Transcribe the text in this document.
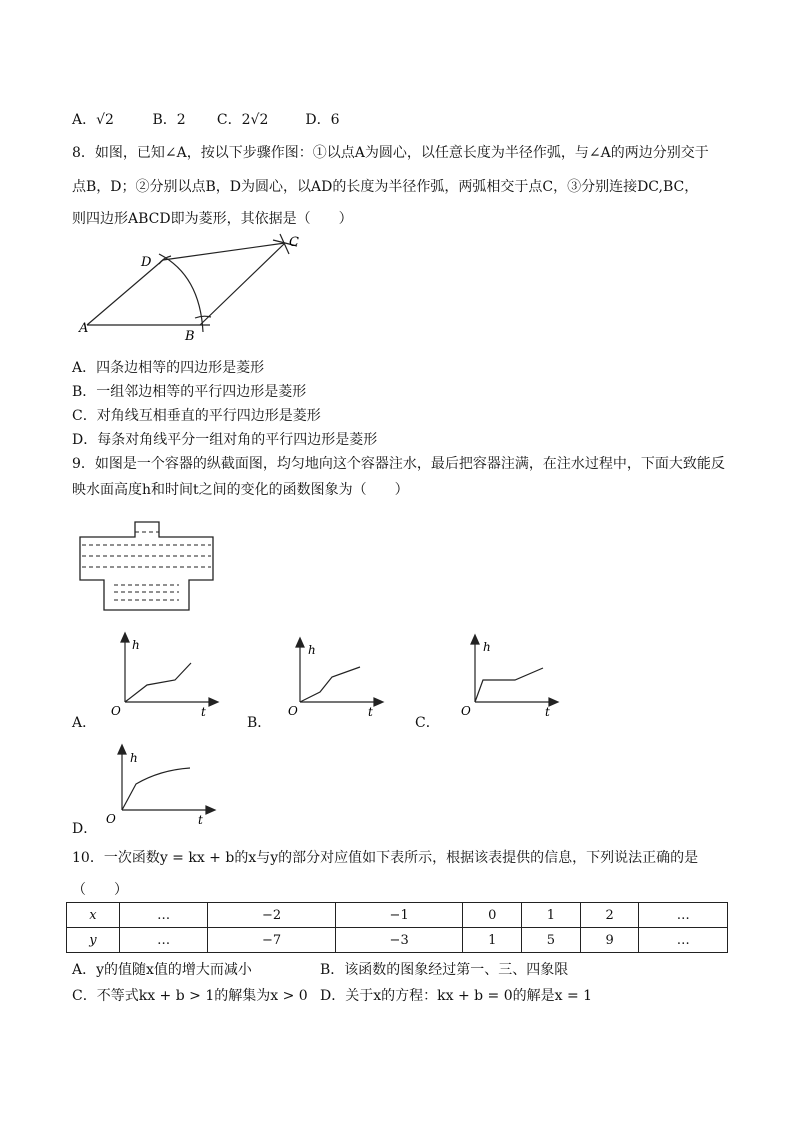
A．√2	B．2 C．2√2	D．6
8．如图，已知∠A，按以下步骤作图：①以点A为圆心，以任意长度为半径作弧，与∠A的两边分别交于
点B，D；②分别以点B，D为圆心，以AD的长度为半径作弧，两弧相交于点C，③分别连接DC,BC，
则四边形ABCD即为菱形，其依据是（　　）
A
B
C
D
A．四条边相等的四边形是菱形
B．一组邻边相等的平行四边形是菱形
C．对角线互相垂直的平行四边形是菱形
D．每条对角线平分一组对角的平行四边形是菱形
9．如图是一个容器的纵截面图，均匀地向这个容器注水，最后把容器注满，在注水过程中，下面大致能反
映水面高度h和时间t之间的变化的函数图象为（　　）
h
O	t
A．
h
O	t
B．
h
O	t
C．
h
O	t
D．
10．一次函数y = kx + b的x与y的部分对应值如下表所示，根据该表提供的信息，下列说法正确的是
（　　）
x	…	−2	−1	0	1	2	…
y	…	−7	−3	1	5	9	…
A．y的值随x值的增大而减小	B．该函数的图象经过第一、三、四象限
C．不等式kx + b > 1的解集为x > 0 D．关于x的方程：kx + b = 0的解是x = 1
